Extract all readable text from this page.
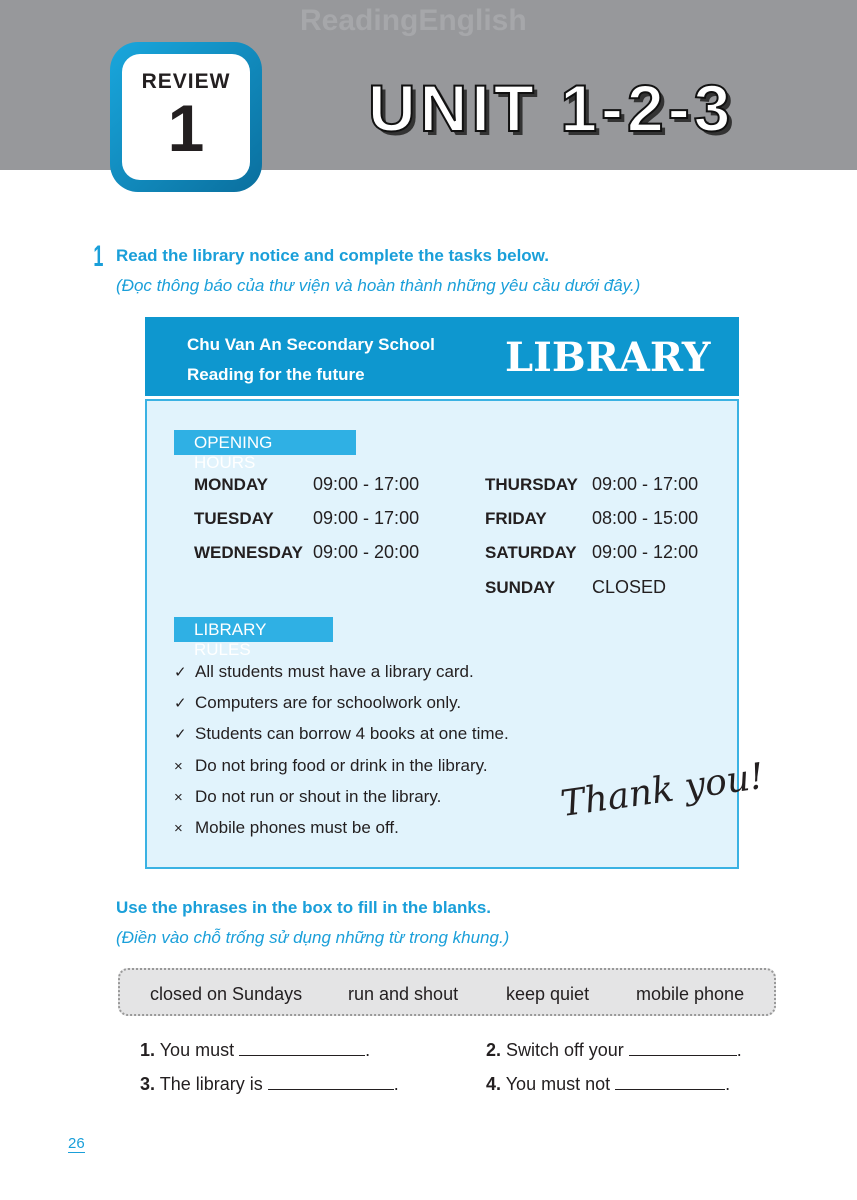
ReadingEnglish
REVIEW
1	UNIT 1-2-3
1 Read the library notice and complete the tasks below.
(Đọc thông báo của thư viện và hoàn thành những yêu cầu dưới đây.)
Chu Van An Secondary School
Reading for the future	LIBRARY
OPENING HOURS
MONDAY	09:00 - 17:00
TUESDAY 09:00 - 17:00
WEDNESDAY 09:00 - 20:00
THURSDAY 09:00 - 17:00
FRIDAY	08:00 - 15:00
SATURDAY 09:00 - 12:00
SUNDAY CLOSED
LIBRARY RULES
✓ All students must have a library card.
✓ Computers are for schoolwork only.
✓ Students can borrow 4 books at one time.
× Do not bring food or drink in the library.
× Do not run or shout in the library.
× Mobile phones must be off.
Thank you!
Use the phrases in the box to fill in the blanks.
(Điền vào chỗ trống sử dụng những từ trong khung.)
closed on Sundays	run and shout	keep quiet	mobile phone
1. You must	.	2. Switch off your	.
3. The library is	.	4. You must not	.
26
